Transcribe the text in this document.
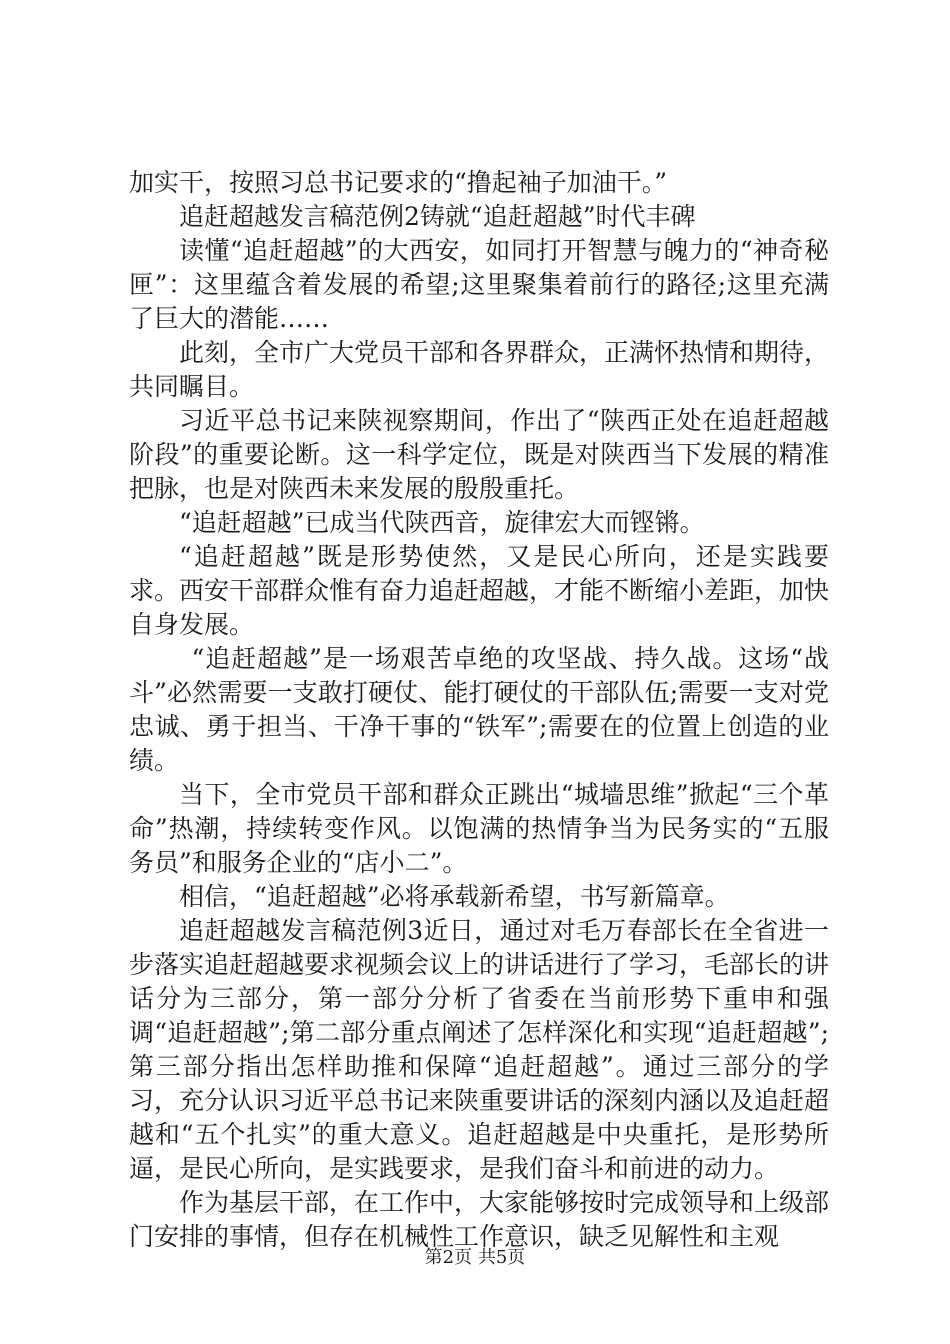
加实干，按照习总书记要求的“撸起袖子加油干。”

追赶超越发言稿范例2铸就“追赶超越”时代丰碑

读懂“追赶超越”的大西安，如同打开智慧与魄力的“神奇秘匣”：这里蕴含着发展的希望;这里聚集着前行的路径;这里充满了巨大的潜能……

此刻，全市广大党员干部和各界群众，正满怀热情和期待，共同瞩目。

习近平总书记来陕视察期间，作出了“陕西正处在追赶超越阶段”的重要论断。这一科学定位，既是对陕西当下发展的精准把脉，也是对陕西未来发展的殷殷重托。

“追赶超越”已成当代陕西音，旋律宏大而铿锵。

“追赶超越”既是形势使然，又是民心所向，还是实践要求。西安干部群众惟有奋力追赶超越，才能不断缩小差距，加快自身发展。

“追赶超越”是一场艰苦卓绝的攻坚战、持久战。这场“战斗”必然需要一支敢打硬仗、能打硬仗的干部队伍;需要一支对党忠诚、勇于担当、干净干事的“铁军”;需要在的位置上创造的业绩。

当下，全市党员干部和群众正跳出“城墙思维”掀起“三个革命”热潮，持续转变作风。以饱满的热情争当为民务实的“五服务员”和服务企业的“店小二”。

相信，“追赶超越”必将承载新希望，书写新篇章。

追赶超越发言稿范例3近日，通过对毛万春部长在全省进一步落实追赶超越要求视频会议上的讲话进行了学习，毛部长的讲话分为三部分，第一部分分析了省委在当前形势下重申和强调“追赶超越”;第二部分重点阐述了怎样深化和实现“追赶超越”;第三部分指出怎样助推和保障“追赶超越”。通过三部分的学习，充分认识习近平总书记来陕重要讲话的深刻内涵以及追赶超越和“五个扎实”的重大意义。追赶超越是中央重托，是形势所逼，是民心所向，是实践要求，是我们奋斗和前进的动力。

作为基层干部，在工作中，大家能够按时完成领导和上级部门安排的事情，但存在机械性工作意识，缺乏见解性和主观

第2页 共5页
